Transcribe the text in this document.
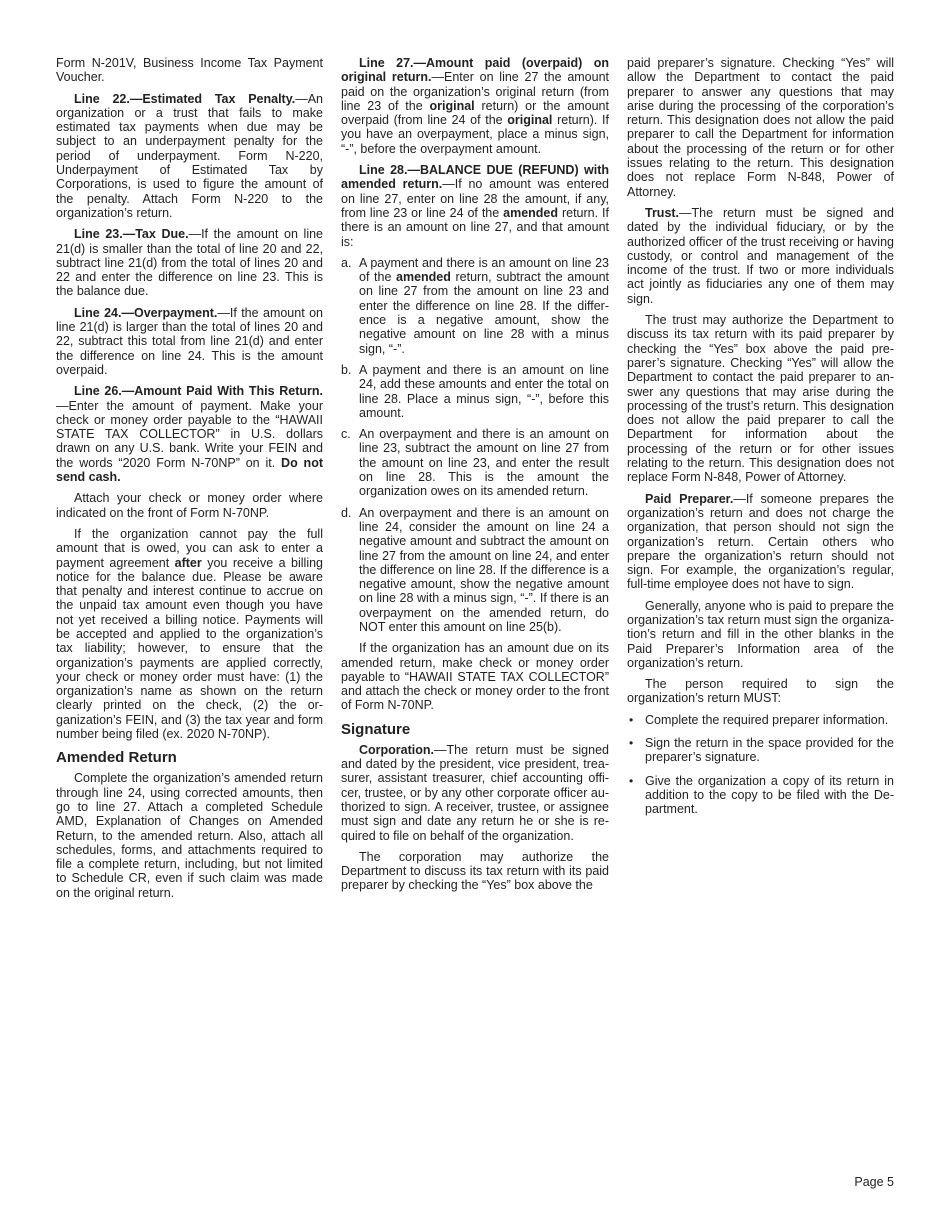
Form N-201V, Business Income Tax Payment Voucher.

Line 22.—Estimated Tax Penalty.—An organization or a trust that fails to make estimated tax payments when due may be subject to an underpayment penalty for the period of underpayment. Form N-220, Underpayment of Estimated Tax by Corporations, is used to figure the amount of the penalty. Attach Form N-220 to the organization’s return.

Line 23.—Tax Due.—If the amount on line 21(d) is smaller than the total of line 20 and 22, subtract line 21(d) from the total of lines 20 and 22 and enter the difference on line 23. This is the balance due.

Line 24.—Overpayment.—If the amount on line 21(d) is larger than the total of lines 20 and 22, subtract this total from line 21(d) and enter the difference on line 24. This is the amount overpaid.

Line 26.—Amount Paid With This Return.—Enter the amount of payment. Make your check or money order payable to the “HAWAII STATE TAX COLLECTOR” in U.S. dollars drawn on any U.S. bank. Write your FEIN and the words “2020 Form N-70NP” on it. Do not send cash.

Attach your check or money order where indicated on the front of Form N-70NP.

If the organization cannot pay the full amount that is owed, you can ask to enter a payment agreement after you receive a billing notice for the balance due. Please be aware that penalty and interest continue to accrue on the unpaid tax amount even though you have not yet received a billing notice. Payments will be accepted and applied to the organization’s tax liability; however, to ensure that the organization’s payments are applied correctly, your check or money order must have: (1) the organization’s name as shown on the return clearly printed on the check, (2) the organization’s FEIN, and (3) the tax year and form number being filed (ex. 2020 N-70NP).

Amended Return

Complete the organization’s amended return through line 24, using corrected amounts, then go to line 27. Attach a completed Schedule AMD, Explanation of Changes on Amended Return, to the amended return. Also, attach all schedules, forms, and attachments required to file a complete return, including, but not limited to Schedule CR, even if such claim was made on the original return.

Line 27.—Amount paid (overpaid) on original return.—Enter on line 27 the amount paid on the organization’s original return (from line 23 of the original return) or the amount overpaid (from line 24 of the original return). If you have an overpayment, place a minus sign, “-”, before the overpayment amount.

Line 28.—BALANCE DUE (REFUND) with amended return.—If no amount was entered on line 27, enter on line 28 the amount, if any, from line 23 or line 24 of the amended return. If there is an amount on line 27, and that amount is:

a. A payment and there is an amount on line 23 of the amended return, subtract the amount on line 27 from the amount on line 23 and enter the difference on line 28. If the difference is a negative amount, show the negative amount on line 28 with a minus sign, “-”.
b. A payment and there is an amount on line 24, add these amounts and enter the total on line 28. Place a minus sign, “-”, before this amount.
c. An overpayment and there is an amount on line 23, subtract the amount on line 27 from the amount on line 23, and enter the result on line 28. This is the amount the organization owes on its amended return.
d. An overpayment and there is an amount on line 24, consider the amount on line 24 a negative amount and subtract the amount on line 27 from the amount on line 24, and enter the difference on line 28. If the difference is a negative amount, show the negative amount on line 28 with a minus sign, “-”. If there is an overpayment on the amended return, do NOT enter this amount on line 25(b).

If the organization has an amount due on its amended return, make check or money order payable to “HAWAII STATE TAX COLLECTOR” and attach the check or money order to the front of Form N-70NP.

Signature

Corporation.—The return must be signed and dated by the president, vice president, treasurer, assistant treasurer, chief accounting officer, trustee, or by any other corporate officer authorized to sign. A receiver, trustee, or assignee must sign and date any return he or she is required to file on behalf of the organization.

The corporation may authorize the Department to discuss its tax return with its paid preparer by checking the “Yes” box above the

paid preparer’s signature. Checking “Yes” will allow the Department to contact the paid preparer to answer any questions that may arise during the processing of the corporation’s return. This designation does not allow the paid preparer to call the Department for information about the processing of the return or for other issues relating to the return. This designation does not replace Form N-848, Power of Attorney.

Trust.—The return must be signed and dated by the individual fiduciary, or by the authorized officer of the trust receiving or having custody, or control and management of the income of the trust. If two or more individuals act jointly as fiduciaries any one of them may sign.

The trust may authorize the Department to discuss its tax return with its paid preparer by checking the “Yes” box above the paid preparer’s signature. Checking “Yes” will allow the Department to contact the paid preparer to answer any questions that may arise during the processing of the trust’s return. This designation does not allow the paid preparer to call the Department for information about the processing of the return or for other issues relating to the return. This designation does not replace Form N-848, Power of Attorney.

Paid Preparer.—If someone prepares the organization’s return and does not charge the organization, that person should not sign the organization’s return. Certain others who prepare the organization’s return should not sign. For example, the organization’s regular, full-time employee does not have to sign.

Generally, anyone who is paid to prepare the organization’s tax return must sign the organization’s return and fill in the other blanks in the Paid Preparer’s Information area of the organization’s return.

The person required to sign the organization’s return MUST:

• Complete the required preparer information.
• Sign the return in the space provided for the preparer’s signature.
• Give the organization a copy of its return in addition to the copy to be filed with the Department.
Page 5
